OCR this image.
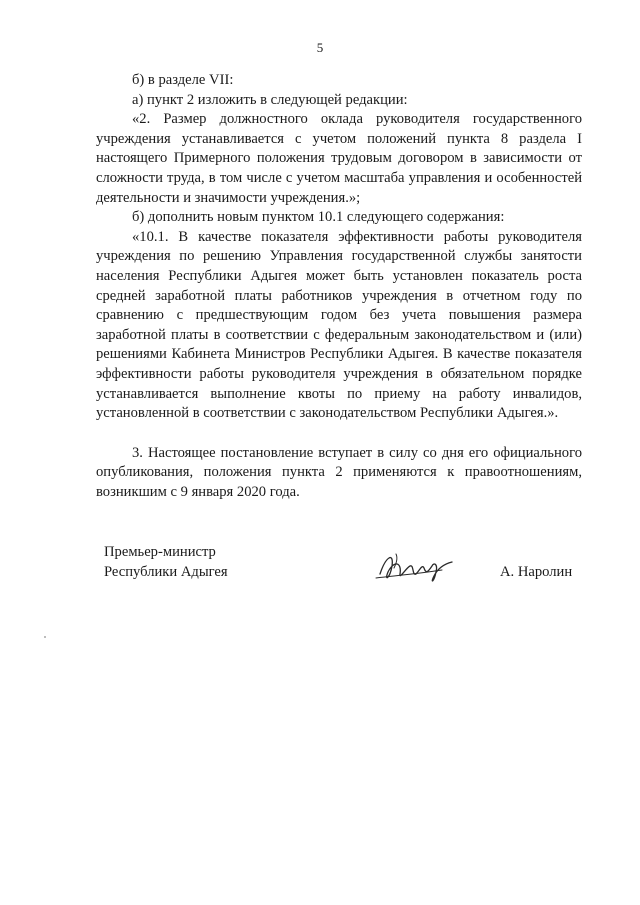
5

б) в разделе VII:

а) пункт 2 изложить в следующей редакции:

«2. Размер должностного оклада руководителя государственного учреждения устанавливается с учетом положений пункта 8 раздела I настоящего Примерного положения трудовым договором в зависимости от сложности труда, в том числе с учетом масштаба управления и особенностей деятельности и значимости учреждения.»;

б) дополнить новым пунктом 10.1 следующего содержания:

«10.1. В качестве показателя эффективности работы руководителя учреждения по решению Управления государственной службы занятости населения Республики Адыгея может быть установлен показатель роста средней заработной платы работников учреждения в отчетном году по сравнению с предшествующим годом без учета повышения размера заработной платы в соответствии с федеральным законодательством и (или) решениями Кабинета Министров Республики Адыгея. В качестве показателя эффективности работы руководителя учреждения в обязательном порядке устанавливается выполнение квоты по приему на работу инвалидов, установленной в соответствии с законодательством Республики Адыгея.».

3. Настоящее постановление вступает в силу со дня его официального опубликования, положения пункта 2 применяются к правоотношениям, возникшим с 9 января 2020 года.

Премьер-министр
Республики Адыгея	А. Наролин
